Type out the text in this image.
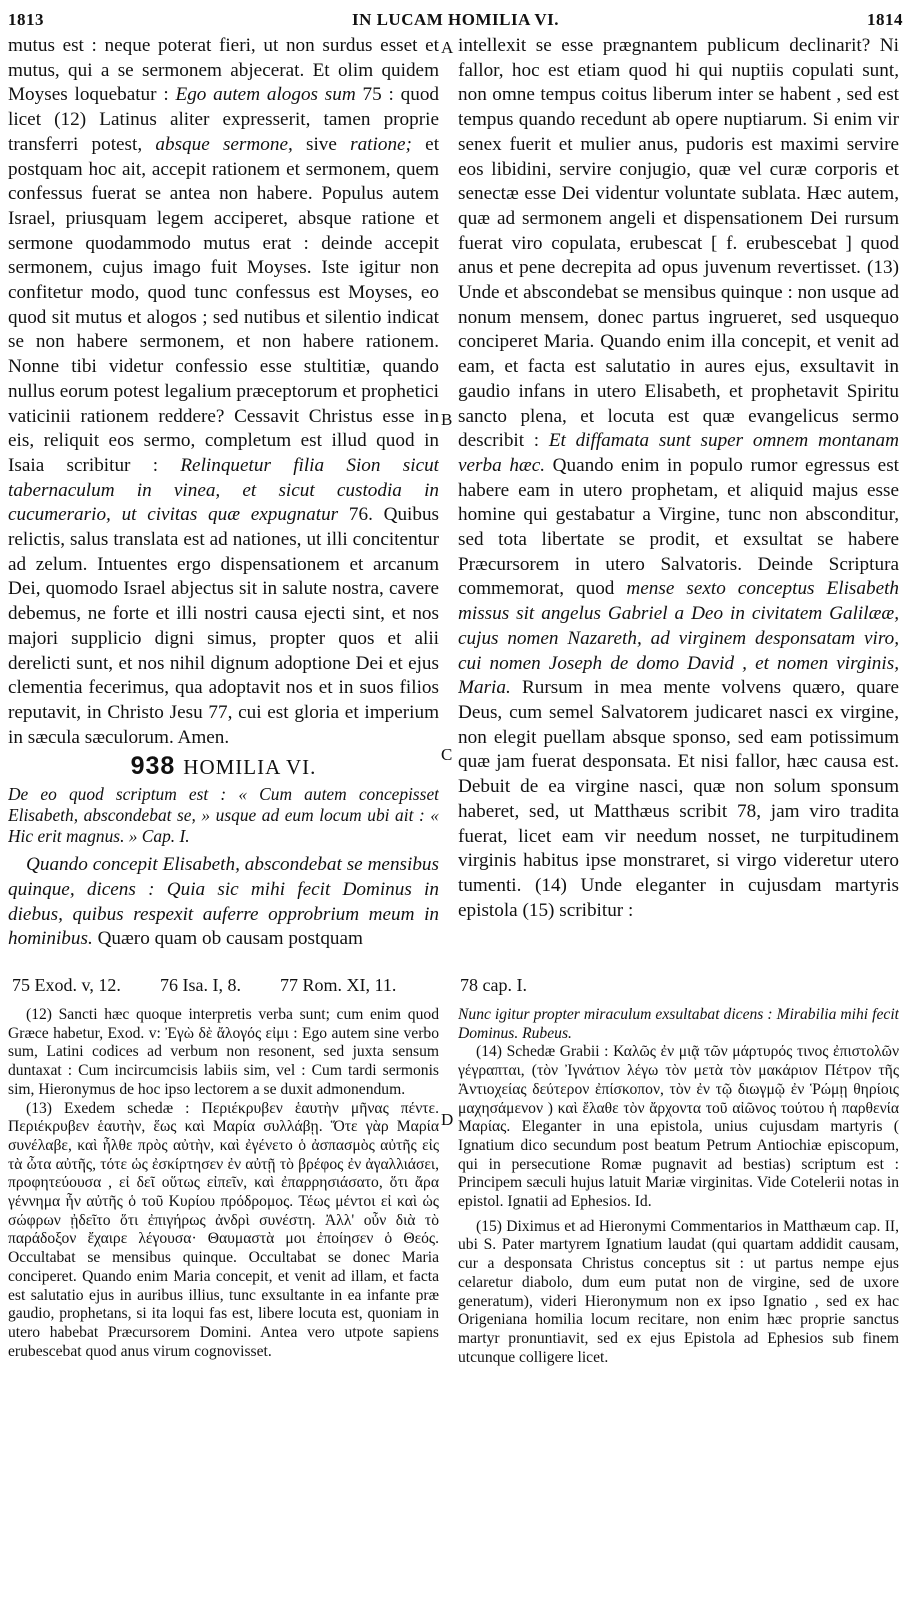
1813	IN LUCAM HOMILIA VI.	1814
A
B
C
D

mutus est : neque poterat fieri, ut non surdus esset et mutus, qui a se sermonem abjecerat. Et olim quidem Moyses loquebatur : Ego autem alogos sum 75 : quod licet (12) Latinus aliter expresserit, tamen proprie transferri potest, absque sermone, sive ratione; et postquam hoc ait, accepit rationem et sermonem, quem confessus fuerat se antea non habere. Populus autem Israel, priusquam legem acciperet, absque ratione et sermone quodammodo mutus erat : deinde accepit sermonem, cujus imago fuit Moyses. Iste igitur non confitetur modo, quod tunc confessus est Moyses, eo quod sit mutus et alogos ; sed nutibus et silentio indicat se non habere sermonem, et non habere rationem. Nonne tibi videtur confessio esse stultitiæ, quando nullus eorum potest legalium præceptorum et prophetici vaticinii rationem reddere? Cessavit Christus esse in eis, reliquit eos sermo, completum est illud quod in Isaia scribitur : Relinquetur filia Sion sicut tabernaculum in vinea, et sicut custodia in cucumerario, ut civitas quæ expugnatur 76. Quibus relictis, salus translata est ad nationes, ut illi concitentur ad zelum. Intuentes ergo dispensationem et arcanum Dei, quomodo Israel abjectus sit in salute nostra, cavere debemus, ne forte et illi nostri causa ejecti sint, et nos majori supplicio digni simus, propter quos et alii derelicti sunt, et nos nihil dignum adoptione Dei et ejus clementia fecerimus, qua adoptavit nos et in suos filios reputavit, in Christo Jesu 77, cui est gloria et imperium in sæcula sæculorum. Amen.

938 HOMILIA VI.
De eo quod scriptum est : « Cum autem concepisset Elisabeth, abscondebat se, » usque ad eum locum ubi ait : « Hic erit magnus. » Cap. I.

Quando concepit Elisabeth, abscondebat se mensibus quinque, dicens : Quia sic mihi fecit Dominus in diebus, quibus respexit auferre opprobrium meum in hominibus. Quæro quam ob causam postquam

intellexit se esse prægnantem publicum declinarit? Ni fallor, hoc est etiam quod hi qui nuptiis copulati sunt, non omne tempus coitus liberum inter se habent , sed est tempus quando recedunt ab opere nuptiarum. Si enim vir senex fuerit et mulier anus, pudoris est maximi servire eos libidini, servire conjugio, quæ vel curæ corporis et senectæ esse Dei videntur voluntate sublata. Hæc autem, quæ ad sermonem angeli et dispensationem Dei rursum fuerat viro copulata, erubescat [ f. erubescebat ] quod anus et pene decrepita ad opus juvenum revertisset. (13) Unde et abscondebat se mensibus quinque : non usque ad nonum mensem, donec partus ingrueret, sed usquequo conciperet Maria. Quando enim illa concepit, et venit ad eam, et facta est salutatio in aures ejus, exsultavit in gaudio infans in utero Elisabeth, et prophetavit Spiritu sancto plena, et locuta est quæ evangelicus sermo describit : Et diffamata sunt super omnem montanam verba hæc. Quando enim in populo rumor egressus est habere eam in utero prophetam, et aliquid majus esse homine qui gestabatur a Virgine, tunc non absconditur, sed tota libertate se prodit, et exsultat se habere Præcursorem in utero Salvatoris. Deinde Scriptura commemorat, quod mense sexto conceptus Elisabeth missus sit angelus Gabriel a Deo in civitatem Galilææ, cujus nomen Nazareth, ad virginem desponsatam viro, cui nomen Joseph de domo David , et nomen virginis, Maria. Rursum in mea mente volvens quæro, quare Deus, cum semel Salvatorem judicaret nasci ex virgine, non elegit puellam absque sponso, sed eam potissimum quæ jam fuerat desponsata. Et nisi fallor, hæc causa est. Debuit de ea virgine nasci, quæ non solum sponsum haberet, sed, ut Matthæus scribit 78, jam viro tradita fuerat, licet eam vir needum nosset, ne turpitudinem virginis habitus ipse monstraret, si virgo videretur utero tumenti. (14) Unde eleganter in cujusdam martyris epistola (15) scribitur :

75 Exod. v, 12. 76 Isa. I, 8. 77 Rom. XI, 11.	78 cap. I.

(12) Sancti hæc quoque interpretis verba sunt; cum enim quod Græce habetur, Exod. v: Ἐγὼ δὲ ἄλογός εἰμι : Ego autem sine verbo sum, Latini codices ad verbum non resonent, sed juxta sensum duntaxat : Cum incircumcisis labiis sim, vel : Cum tardi sermonis sim, Hieronymus de hoc ipso lectorem a se duxit admonendum.

(13) Exedem schedæ : Περιέκρυβεν ἑαυτὴν μῆνας πέντε. Περιέκρυβεν ἑαυτὴν, ἕως καὶ Μαρία συλλάβῃ. Ὅτε γὰρ Μαρία συνέλαβε, καὶ ἦλθε πρὸς αὐτὴν, καὶ ἐγένετο ὁ ἀσπασμὸς αὐτῆς εἰς τὰ ὦτα αὐτῆς, τότε ὡς ἐσκίρτησεν ἐν αὐτῇ τὸ βρέφος ἐν ἀγαλλιάσει, προφητεύουσα , εἰ δεῖ οὕτως εἰπεῖν, καὶ ἐπαρρησιάσατο, ὅτι ἄρα γέννημα ἦν αὐτῆς ὁ τοῦ Κυρίου πρόδρομος. Τέως μέντοι εἰ καὶ ὡς σώφρων ᾐδεῖτο ὅτι ἐπιγήρως ἀνδρὶ συνέστη. Ἀλλ' οὖν διὰ τὸ παράδοξον ἔχαιρε λέγουσα· Θαυμαστὰ μοι ἐποίησεν ὁ Θεός. Occultabat se mensibus quinque. Occultabat se donec Maria conciperet. Quando enim Maria concepit, et venit ad illam, et facta est salutatio ejus in auribus illius, tunc exsultante in ea infante præ gaudio, prophetans, si ita loqui fas est, libere locuta est, quoniam in utero habebat Præcursorem Domini. Antea vero utpote sapiens erubescebat quod anus virum cognovisset.

Nunc igitur propter miraculum exsultabat dicens : Mirabilia mihi fecit Dominus. Rubeus.

(14) Schedæ Grabii : Καλῶς ἐν μιᾷ τῶν μάρτυρός τινος ἐπιστολῶν γέγραπται, (τὸν Ἰγνάτιον λέγω τὸν μετὰ τὸν μακάριον Πέτρον τῆς Ἀντιοχείας δεύτερον ἐπίσκοπον, τὸν ἐν τῷ διωγμῷ ἐν Ῥώμῃ θηρίοις μαχησάμενον ) καὶ ἔλαθε τὸν ἄρχοντα τοῦ αἰῶνος τούτου ἡ παρθενία Μαρίας. Eleganter in una epistola, unius cujusdam martyris ( Ignatium dico secundum post beatum Petrum Antiochiæ episcopum, qui in persecutione Romæ pugnavit ad bestias) scriptum est : Principem sæculi hujus latuit Mariæ virginitas. Vide Cotelerii notas in epistol. Ignatii ad Ephesios. Id.

(15) Diximus et ad Hieronymi Commentarios in Matthæum cap. II, ubi S. Pater martyrem Ignatium laudat (qui quartam addidit causam, cur a desponsata Christus conceptus sit : ut partus nempe ejus celaretur diabolo, dum eum putat non de virgine, sed de uxore generatum), videri Hieronymum non ex ipso Ignatio , sed ex hac Origeniana homilia locum recitare, non enim hæc proprie sanctus martyr pronuntiavit, sed ex ejus Epistola ad Ephesios sub finem utcunque colligere licet.
